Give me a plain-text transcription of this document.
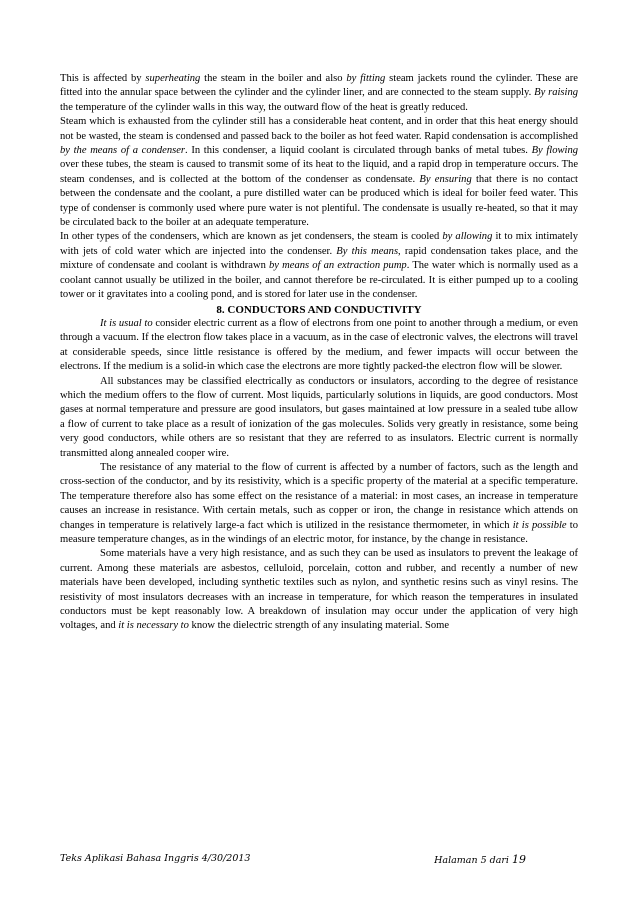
This is affected by superheating the steam in the boiler and also by fitting steam jackets round the cylinder. These are fitted into the annular space between the cylinder and the cylinder liner, and are connected to the steam supply. By raising the temperature of the cylinder walls in this way, the outward flow of the heat is greatly reduced.

Steam which is exhausted from the cylinder still has a considerable heat content, and in order that this heat energy should not be wasted, the steam is condensed and passed back to the boiler as hot feed water. Rapid condensation is accomplished by the means of a condenser. In this condenser, a liquid coolant is circulated through banks of metal tubes. By flowing over these tubes, the steam is caused to transmit some of its heat to the liquid, and a rapid drop in temperature occurs. The steam condenses, and is collected at the bottom of the condenser as condensate. By ensuring that there is no contact between the condensate and the coolant, a pure distilled water can be produced which is ideal for boiler feed water. This type of condenser is commonly used where pure water is not plentiful. The condensate is usually re-heated, so that it may be circulated back to the boiler at an adequate temperature.

In other types of the condensers, which are known as jet condensers, the steam is cooled by allowing it to mix intimately with jets of cold water which are injected into the condenser. By this means, rapid condensation takes place, and the mixture of condensate and coolant is withdrawn by means of an extraction pump. The water which is normally used as a coolant cannot usually be utilized in the boiler, and cannot therefore be re-circulated. It is either pumped up to a cooling tower or it gravitates into a cooling pond, and is stored for later use in the condenser.

8. CONDUCTORS AND CONDUCTIVITY

It is usual to consider electric current as a flow of electrons from one point to another through a medium, or even through a vacuum. If the electron flow takes place in a vacuum, as in the case of electronic valves, the electrons will travel at considerable speeds, since little resistance is offered by the medium, and fewer impacts will occur between the electrons. If the medium is a solid-in which case the electrons are more tightly packed-the electron flow will be slower.

All substances may be classified electrically as conductors or insulators, according to the degree of resistance which the medium offers to the flow of current. Most liquids, particularly solutions in liquids, are good conductors. Most gases at normal temperature and pressure are good insulators, but gases maintained at low pressure in a sealed tube allow a flow of current to take place as a result of ionization of the gas molecules. Solids very greatly in resistance, some being very good conductors, while others are so resistant that they are referred to as insulators. Electric current is normally transmitted along annealed cooper wire.

The resistance of any material to the flow of current is affected by a number of factors, such as the length and cross-section of the conductor, and by its resistivity, which is a specific property of the material at a specific temperature. The temperature therefore also has some effect on the resistance of a material: in most cases, an increase in temperature causes an increase in resistance. With certain metals, such as copper or iron, the change in resistance which attends on changes in temperature is relatively large-a fact which is utilized in the resistance thermometer, in which it is possible to measure temperature changes, as in the windings of an electric motor, for instance, by the change in resistance.

Some materials have a very high resistance, and as such they can be used as insulators to prevent the leakage of current. Among these materials are asbestos, celluloid, porcelain, cotton and rubber, and recently a number of new materials have been developed, including synthetic textiles such as nylon, and synthetic resins such as vinyl resins. The resistivity of most insulators decreases with an increase in temperature, for which reason the temperatures in insulated conductors must be kept reasonably low. A breakdown of insulation may occur under the application of very high voltages, and it is necessary to know the dielectric strength of any insulating material. Some

Teks Aplikasi Bahasa Inggris 4/30/2013	Halaman 5 dari 19
